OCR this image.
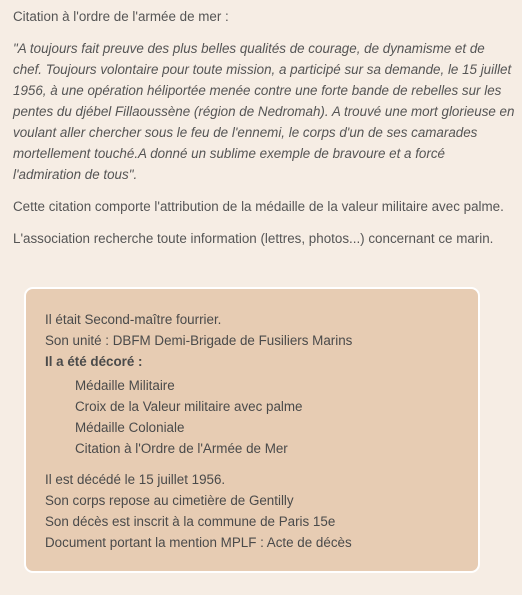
Citation à l'ordre de l'armée de mer :

"A toujours fait preuve des plus belles qualités de courage, de dynamisme et de chef. Toujours volontaire pour toute mission, a participé sur sa demande, le 15 juillet 1956, à une opération héliportée menée contre une forte bande de rebelles sur les pentes du djébel Fillaoussène (région de Nedromah). A trouvé une mort glorieuse en voulant aller chercher sous le feu de l'ennemi, le corps d'un de ses camarades mortellement touché.A donné un sublime exemple de bravoure et a forcé l'admiration de tous".

Cette citation comporte l'attribution de la médaille de la valeur militaire avec palme.

L'association recherche toute information (lettres, photos...) concernant ce marin.

Il était Second-maître fourrier.
Son unité : DBFM Demi-Brigade de Fusiliers Marins
Il a été décoré :
Médaille Militaire
Croix de la Valeur militaire avec palme
Médaille Coloniale
Citation à l'Ordre de l'Armée de Mer
Il est décédé le 15 juillet 1956.
Son corps repose au cimetière de Gentilly
Son décès est inscrit à la commune de Paris 15e
Document portant la mention MPLF : Acte de décès
